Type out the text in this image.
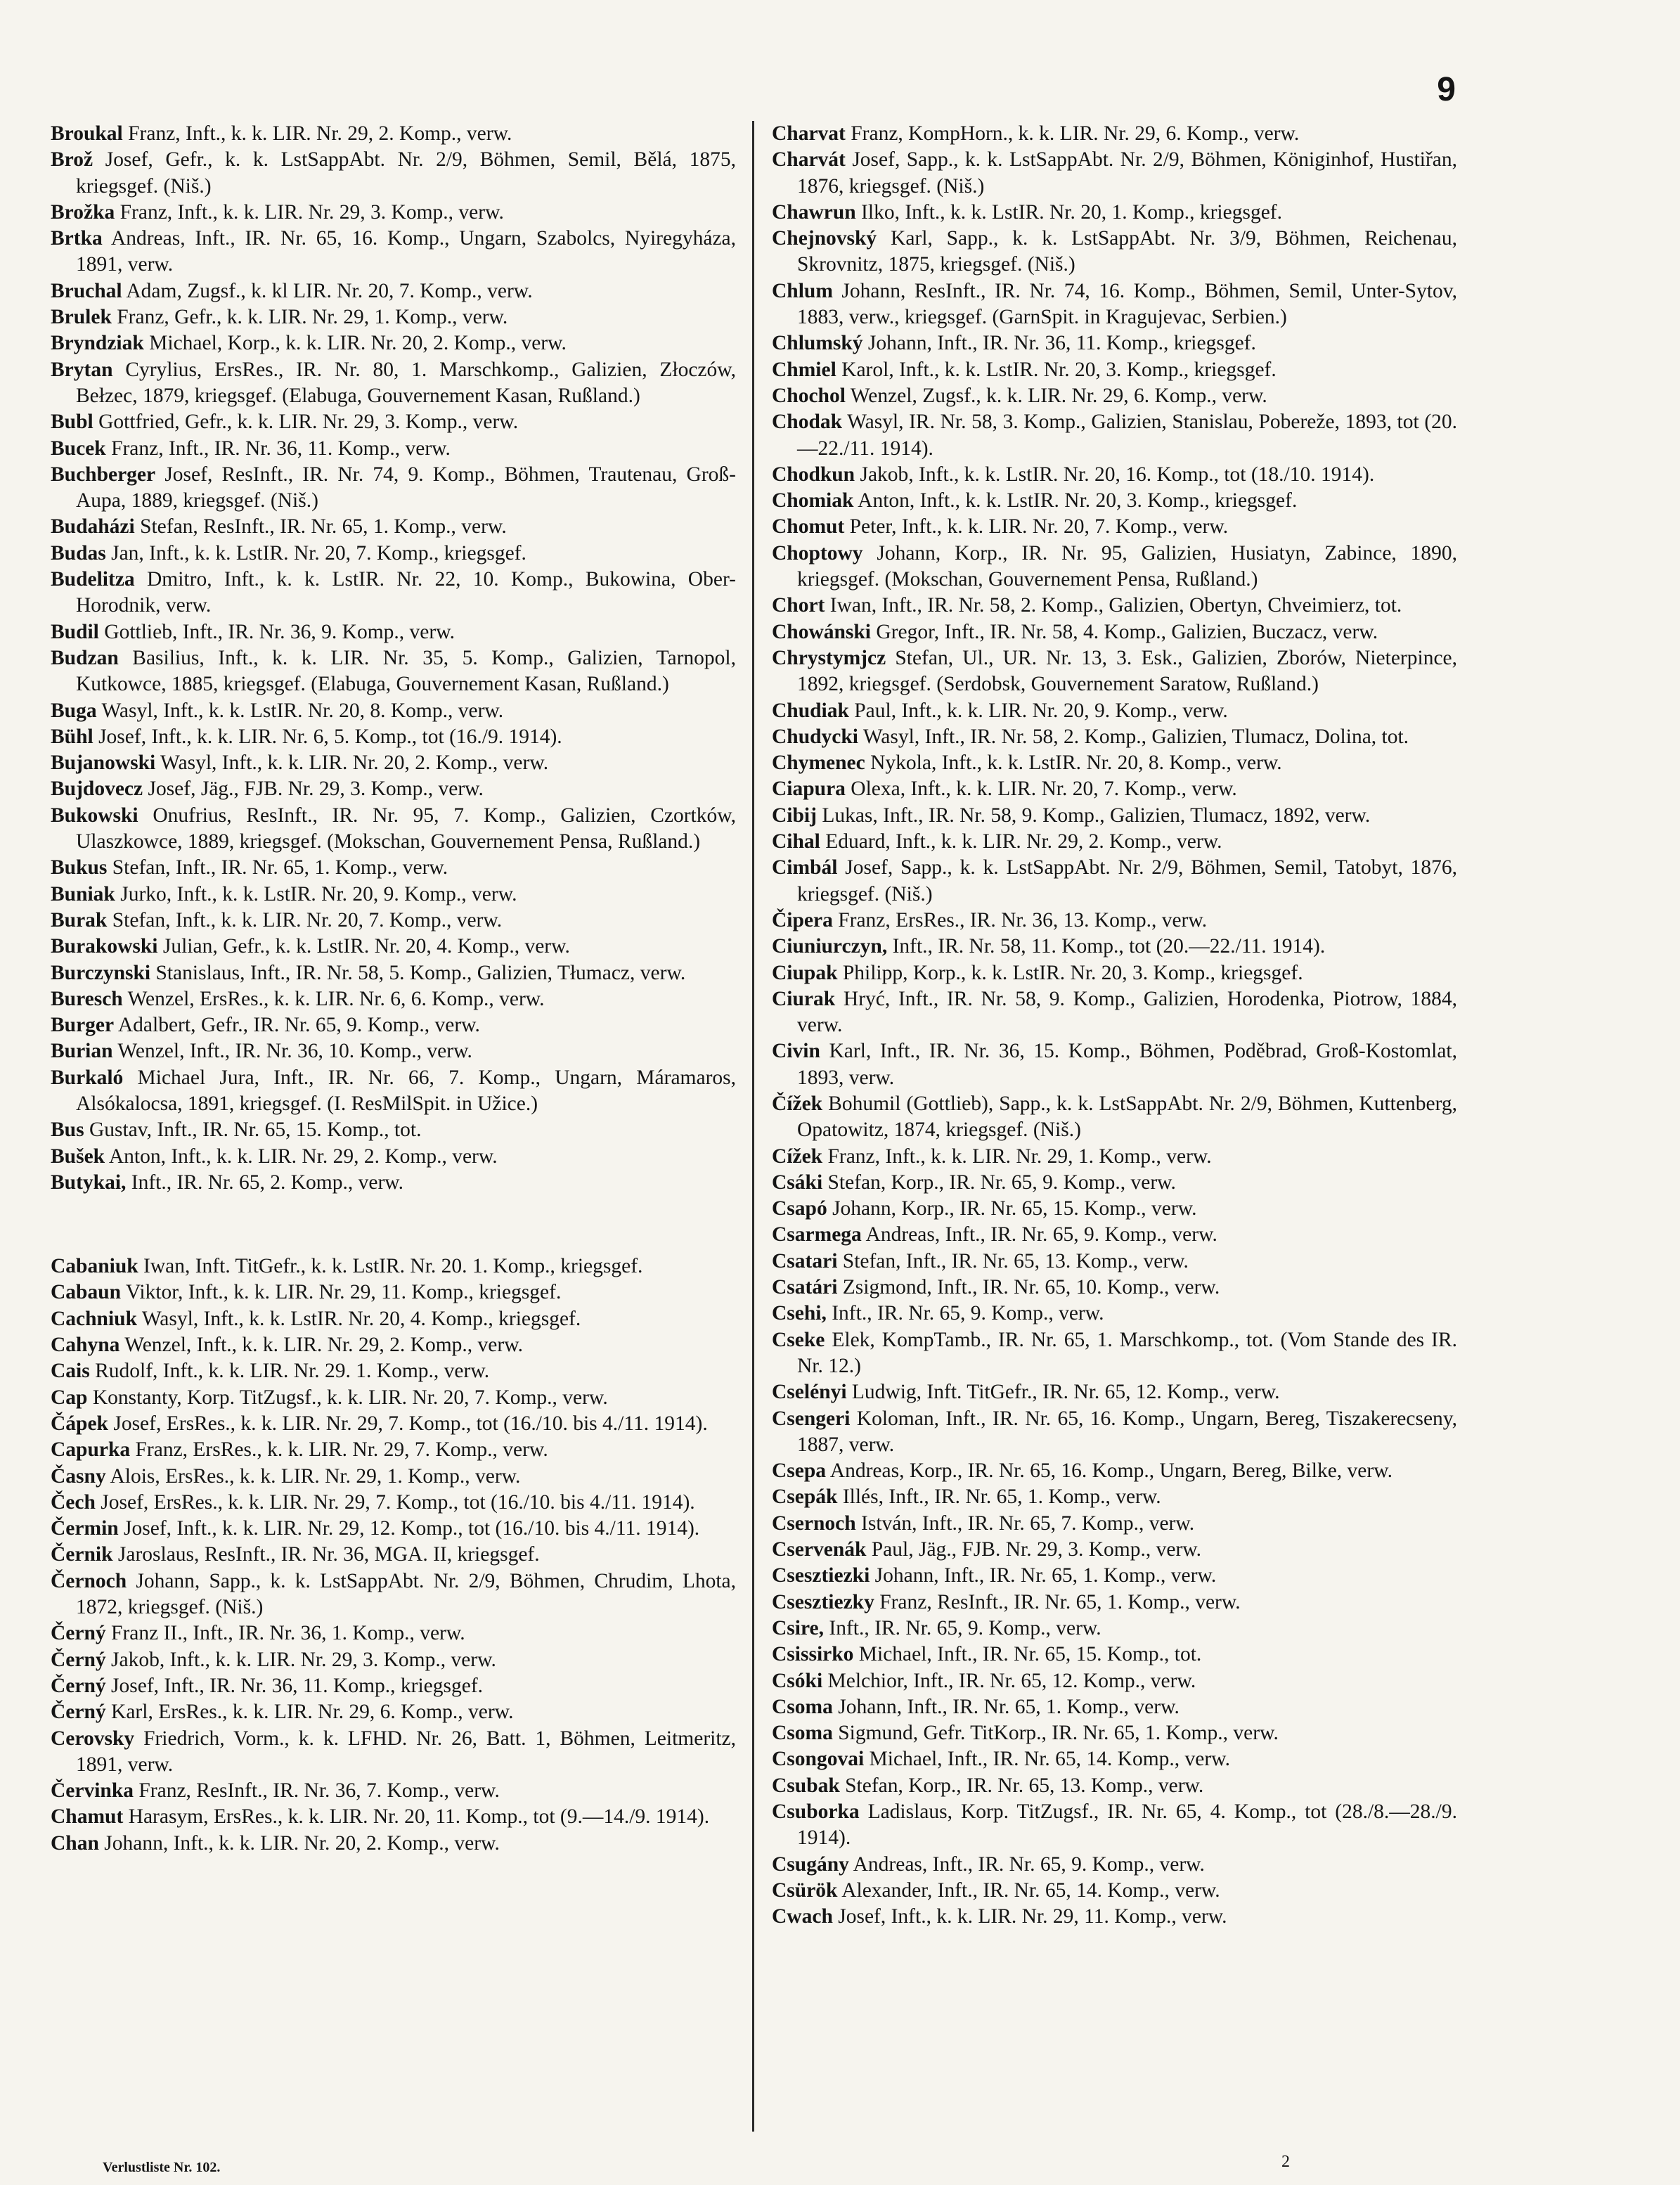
9

Broukal Franz, Inft., k. k. LIR. Nr. 29, 2. Komp., verw.

Brož Josef, Gefr., k. k. LstSappAbt. Nr. 2/9, Böhmen, Semil, Bělá, 1875, kriegsgef. (Niš.)

Brožka Franz, Inft., k. k. LIR. Nr. 29, 3. Komp., verw.

Brtka Andreas, Inft., IR. Nr. 65, 16. Komp., Ungarn, Szabolcs, Nyiregyháza, 1891, verw.

Bruchal Adam, Zugsf., k. kl LIR. Nr. 20, 7. Komp., verw.

Brulek Franz, Gefr., k. k. LIR. Nr. 29, 1. Komp., verw.

Bryndziak Michael, Korp., k. k. LIR. Nr. 20, 2. Komp., verw.

Brytan Cyrylius, ErsRes., IR. Nr. 80, 1. Marschkomp., Galizien, Złoczów, Bełzec, 1879, kriegsgef. (Elabuga, Gouvernement Kasan, Rußland.)

Bubl Gottfried, Gefr., k. k. LIR. Nr. 29, 3. Komp., verw.

Bucek Franz, Inft., IR. Nr. 36, 11. Komp., verw.

Buchberger Josef, ResInft., IR. Nr. 74, 9. Komp., Böhmen, Trautenau, Groß-Aupa, 1889, kriegsgef. (Niš.)

Budaházi Stefan, ResInft., IR. Nr. 65, 1. Komp., verw.

Budas Jan, Inft., k. k. LstIR. Nr. 20, 7. Komp., kriegsgef.

Budelitza Dmitro, Inft., k. k. LstIR. Nr. 22, 10. Komp., Bukowina, Ober-Horodnik, verw.

Budil Gottlieb, Inft., IR. Nr. 36, 9. Komp., verw.

Budzan Basilius, Inft., k. k. LIR. Nr. 35, 5. Komp., Galizien, Tarnopol, Kutkowce, 1885, kriegsgef. (Elabuga, Gouvernement Kasan, Rußland.)

Buga Wasyl, Inft., k. k. LstIR. Nr. 20, 8. Komp., verw.

Bühl Josef, Inft., k. k. LIR. Nr. 6, 5. Komp., tot (16./9. 1914).

Bujanowski Wasyl, Inft., k. k. LIR. Nr. 20, 2. Komp., verw.

Bujdovecz Josef, Jäg., FJB. Nr. 29, 3. Komp., verw.

Bukowski Onufrius, ResInft., IR. Nr. 95, 7. Komp., Galizien, Czortków, Ulaszkowce, 1889, kriegsgef. (Mokschan, Gouvernement Pensa, Rußland.)

Bukus Stefan, Inft., IR. Nr. 65, 1. Komp., verw.

Buniak Jurko, Inft., k. k. LstIR. Nr. 20, 9. Komp., verw.

Burak Stefan, Inft., k. k. LIR. Nr. 20, 7. Komp., verw.

Burakowski Julian, Gefr., k. k. LstIR. Nr. 20, 4. Komp., verw.

Burczynski Stanislaus, Inft., IR. Nr. 58, 5. Komp., Galizien, Tłumacz, verw.

Buresch Wenzel, ErsRes., k. k. LIR. Nr. 6, 6. Komp., verw.

Burger Adalbert, Gefr., IR. Nr. 65, 9. Komp., verw.

Burian Wenzel, Inft., IR. Nr. 36, 10. Komp., verw.

Burkaló Michael Jura, Inft., IR. Nr. 66, 7. Komp., Ungarn, Máramaros, Alsókalocsa, 1891, kriegsgef. (I. ResMilSpit. in Užice.)

Bus Gustav, Inft., IR. Nr. 65, 15. Komp., tot.

Bušek Anton, Inft., k. k. LIR. Nr. 29, 2. Komp., verw.

Butykai, Inft., IR. Nr. 65, 2. Komp., verw.

Cabaniuk Iwan, Inft. TitGefr., k. k. LstIR. Nr. 20. 1. Komp., kriegsgef.

Cabaun Viktor, Inft., k. k. LIR. Nr. 29, 11. Komp., kriegsgef.

Cachniuk Wasyl, Inft., k. k. LstIR. Nr. 20, 4. Komp., kriegsgef.

Cahyna Wenzel, Inft., k. k. LIR. Nr. 29, 2. Komp., verw.

Cais Rudolf, Inft., k. k. LIR. Nr. 29. 1. Komp., verw.

Cap Konstanty, Korp. TitZugsf., k. k. LIR. Nr. 20, 7. Komp., verw.

Čápek Josef, ErsRes., k. k. LIR. Nr. 29, 7. Komp., tot (16./10. bis 4./11. 1914).

Capurka Franz, ErsRes., k. k. LIR. Nr. 29, 7. Komp., verw.

Časny Alois, ErsRes., k. k. LIR. Nr. 29, 1. Komp., verw.

Čech Josef, ErsRes., k. k. LIR. Nr. 29, 7. Komp., tot (16./10. bis 4./11. 1914).

Čermin Josef, Inft., k. k. LIR. Nr. 29, 12. Komp., tot (16./10. bis 4./11. 1914).

Černik Jaroslaus, ResInft., IR. Nr. 36, MGA. II, kriegsgef.

Černoch Johann, Sapp., k. k. LstSappAbt. Nr. 2/9, Böhmen, Chrudim, Lhota, 1872, kriegsgef. (Niš.)

Černý Franz II., Inft., IR. Nr. 36, 1. Komp., verw.

Černý Jakob, Inft., k. k. LIR. Nr. 29, 3. Komp., verw.

Černý Josef, Inft., IR. Nr. 36, 11. Komp., kriegsgef.

Černý Karl, ErsRes., k. k. LIR. Nr. 29, 6. Komp., verw.

Cerovsky Friedrich, Vorm., k. k. LFHD. Nr. 26, Batt. 1, Böhmen, Leitmeritz, 1891, verw.

Červinka Franz, ResInft., IR. Nr. 36, 7. Komp., verw.

Chamut Harasym, ErsRes., k. k. LIR. Nr. 20, 11. Komp., tot (9.—14./9. 1914).

Chan Johann, Inft., k. k. LIR. Nr. 20, 2. Komp., verw.

Charvat Franz, KompHorn., k. k. LIR. Nr. 29, 6. Komp., verw.

Charvát Josef, Sapp., k. k. LstSappAbt. Nr. 2/9, Böhmen, Königinhof, Hustiřan, 1876, kriegsgef. (Niš.)

Chawrun Ilko, Inft., k. k. LstIR. Nr. 20, 1. Komp., kriegsgef.

Chejnovský Karl, Sapp., k. k. LstSappAbt. Nr. 3/9, Böhmen, Reichenau, Skrovnitz, 1875, kriegsgef. (Niš.)

Chlum Johann, ResInft., IR. Nr. 74, 16. Komp., Böhmen, Semil, Unter-Sytov, 1883, verw., kriegsgef. (GarnSpit. in Kragujevac, Serbien.)

Chlumský Johann, Inft., IR. Nr. 36, 11. Komp., kriegsgef.

Chmiel Karol, Inft., k. k. LstIR. Nr. 20, 3. Komp., kriegsgef.

Chochol Wenzel, Zugsf., k. k. LIR. Nr. 29, 6. Komp., verw.

Chodak Wasyl, IR. Nr. 58, 3. Komp., Galizien, Stanislau, Pobereže, 1893, tot (20.—22./11. 1914).

Chodkun Jakob, Inft., k. k. LstIR. Nr. 20, 16. Komp., tot (18./10. 1914).

Chomiak Anton, Inft., k. k. LstIR. Nr. 20, 3. Komp., kriegsgef.

Chomut Peter, Inft., k. k. LIR. Nr. 20, 7. Komp., verw.

Choptowy Johann, Korp., IR. Nr. 95, Galizien, Husiatyn, Zabince, 1890, kriegsgef. (Mokschan, Gouvernement Pensa, Rußland.)

Chort Iwan, Inft., IR. Nr. 58, 2. Komp., Galizien, Obertyn, Chveimierz, tot.

Chowánski Gregor, Inft., IR. Nr. 58, 4. Komp., Galizien, Buczacz, verw.

Chrystymjcz Stefan, Ul., UR. Nr. 13, 3. Esk., Galizien, Zborów, Nieterpince, 1892, kriegsgef. (Serdobsk, Gouvernement Saratow, Rußland.)

Chudiak Paul, Inft., k. k. LIR. Nr. 20, 9. Komp., verw.

Chudycki Wasyl, Inft., IR. Nr. 58, 2. Komp., Galizien, Tlumacz, Dolina, tot.

Chymenec Nykola, Inft., k. k. LstIR. Nr. 20, 8. Komp., verw.

Ciapura Olexa, Inft., k. k. LIR. Nr. 20, 7. Komp., verw.

Cibij Lukas, Inft., IR. Nr. 58, 9. Komp., Galizien, Tlumacz, 1892, verw.

Cihal Eduard, Inft., k. k. LIR. Nr. 29, 2. Komp., verw.

Cimbál Josef, Sapp., k. k. LstSappAbt. Nr. 2/9, Böhmen, Semil, Tatobyt, 1876, kriegsgef. (Niš.)

Čipera Franz, ErsRes., IR. Nr. 36, 13. Komp., verw.

Ciuniurczyn, Inft., IR. Nr. 58, 11. Komp., tot (20.—22./11. 1914).

Ciupak Philipp, Korp., k. k. LstIR. Nr. 20, 3. Komp., kriegsgef.

Ciurak Hryć, Inft., IR. Nr. 58, 9. Komp., Galizien, Horodenka, Piotrow, 1884, verw.

Civin Karl, Inft., IR. Nr. 36, 15. Komp., Böhmen, Poděbrad, Groß-Kostomlat, 1893, verw.

Čížek Bohumil (Gottlieb), Sapp., k. k. LstSappAbt. Nr. 2/9, Böhmen, Kuttenberg, Opatowitz, 1874, kriegsgef. (Niš.)

Cížek Franz, Inft., k. k. LIR. Nr. 29, 1. Komp., verw.

Csáki Stefan, Korp., IR. Nr. 65, 9. Komp., verw.

Csapó Johann, Korp., IR. Nr. 65, 15. Komp., verw.

Csarmega Andreas, Inft., IR. Nr. 65, 9. Komp., verw.

Csatari Stefan, Inft., IR. Nr. 65, 13. Komp., verw.

Csatári Zsigmond, Inft., IR. Nr. 65, 10. Komp., verw.

Csehi, Inft., IR. Nr. 65, 9. Komp., verw.

Cseke Elek, KompTamb., IR. Nr. 65, 1. Marschkomp., tot. (Vom Stande des IR. Nr. 12.)

Cselényi Ludwig, Inft. TitGefr., IR. Nr. 65, 12. Komp., verw.

Csengeri Koloman, Inft., IR. Nr. 65, 16. Komp., Ungarn, Bereg, Tiszakerecseny, 1887, verw.

Csepa Andreas, Korp., IR. Nr. 65, 16. Komp., Ungarn, Bereg, Bilke, verw.

Csepák Illés, Inft., IR. Nr. 65, 1. Komp., verw.

Csernoch István, Inft., IR. Nr. 65, 7. Komp., verw.

Cservenák Paul, Jäg., FJB. Nr. 29, 3. Komp., verw.

Csesztiezki Johann, Inft., IR. Nr. 65, 1. Komp., verw.

Csesztiezky Franz, ResInft., IR. Nr. 65, 1. Komp., verw.

Csire, Inft., IR. Nr. 65, 9. Komp., verw.

Csissirko Michael, Inft., IR. Nr. 65, 15. Komp., tot.

Csóki Melchior, Inft., IR. Nr. 65, 12. Komp., verw.

Csoma Johann, Inft., IR. Nr. 65, 1. Komp., verw.

Csoma Sigmund, Gefr. TitKorp., IR. Nr. 65, 1. Komp., verw.

Csongovai Michael, Inft., IR. Nr. 65, 14. Komp., verw.

Csubak Stefan, Korp., IR. Nr. 65, 13. Komp., verw.

Csuborka Ladislaus, Korp. TitZugsf., IR. Nr. 65, 4. Komp., tot (28./8.—28./9. 1914).

Csugány Andreas, Inft., IR. Nr. 65, 9. Komp., verw.

Csürök Alexander, Inft., IR. Nr. 65, 14. Komp., verw.

Cwach Josef, Inft., k. k. LIR. Nr. 29, 11. Komp., verw.

Verlustliste Nr. 102.	2
